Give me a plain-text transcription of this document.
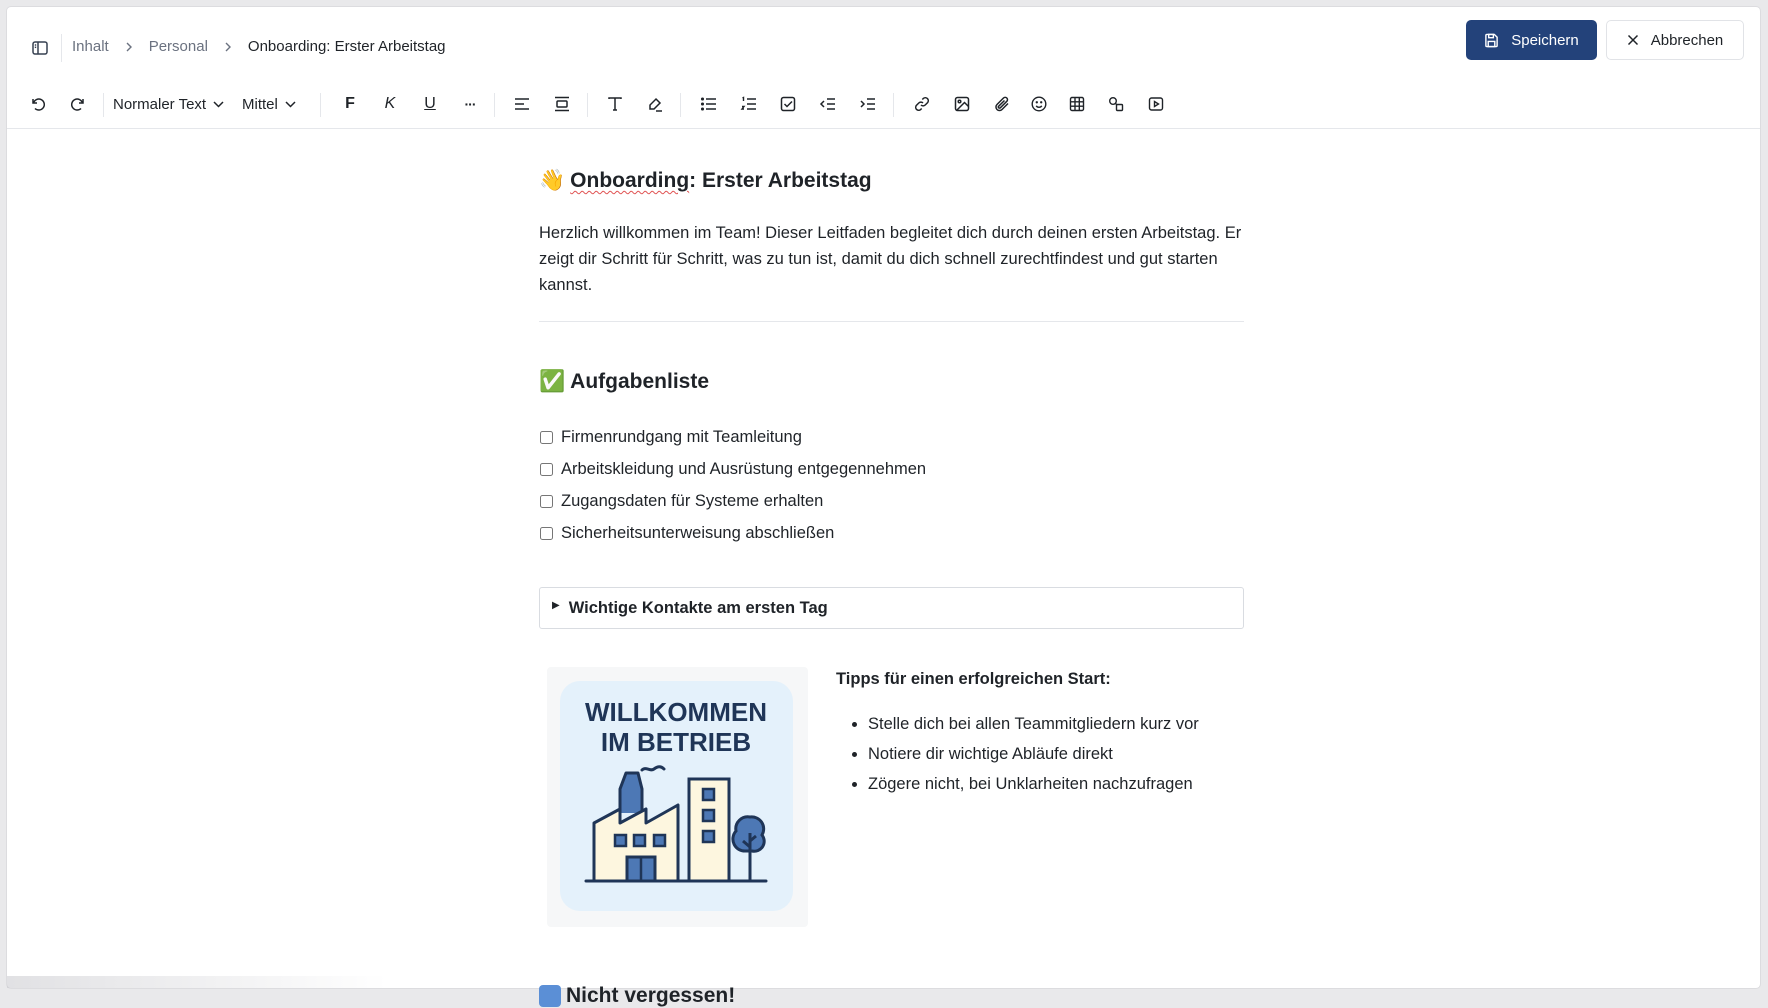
Inhalt	Personal	Onboarding: Erster Arbeitstag	Speichern	Abbrechen
Normaler Text Mittel	F	K	U	···
👋 Onboarding: Erster Arbeitstag

Herzlich willkommen im Team! Dieser Leitfaden begleitet dich durch deinen ersten Arbeitstag. Er zeigt dir Schritt für Schritt, was zu tun ist, damit du dich schnell zurechtfindest und gut starten kannst.

✅ Aufgabenliste
Firmenrundgang mit Teamleitung
Arbeitskleidung und Ausrüstung entgegennehmen
Zugangsdaten für Systeme erhalten
Sicherheitsunterweisung abschließen
▶ Wichtige Kontakte am ersten Tag
WILLKOMMEN
IM BETRIEB
Tipps für einen erfolgreichen Start:
• Stelle dich bei allen Teammitgliedern kurz vor
• Notiere dir wichtige Abläufe direkt
• Zögere nicht, bei Unklarheiten nachzufragen
Nicht vergessen!
